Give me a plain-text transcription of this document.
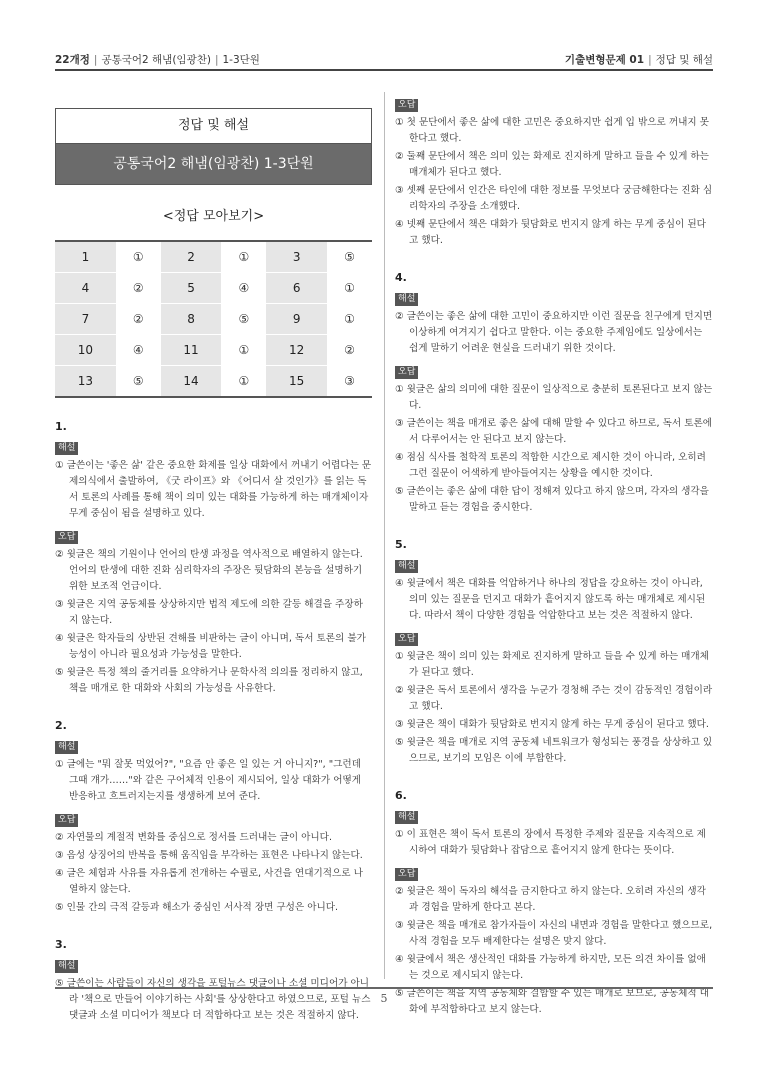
22개정 | 공통국어2 해냄(임광찬) | 1-3단원	기출변형문제 01 | 정답 및 해설
정답 및 해설
공통국어2 해냄(임광찬) 1-3단원
<정답 모아보기>
1	①	2	①	3	⑤
4	②	5	④	6	①
7	②	8	⑤	9	①
10	④	11	①	12	②
13	⑤	14	①	15	③
1.
해설
① 글쓴이는 '좋은 삶' 같은 중요한 화제를 일상 대화에서 꺼내기 어렵다는 문제의식에서 출발하여, 《굿 라이프》와 《어디서 살 것인가》를 읽는 독서 토론의 사례를 통해 책이 의미 있는 대화를 가능하게 하는 매개체이자 무게 중심이 됨을 설명하고 있다.
오답
② 윗글은 책의 기원이나 언어의 탄생 과정을 역사적으로 배열하지 않는다. 언어의 탄생에 대한 진화 심리학자의 주장은 뒷담화의 본능을 설명하기 위한 보조적 언급이다.
③ 윗글은 지역 공동체를 상상하지만 법적 제도에 의한 갈등 해결을 주장하지 않는다.
④ 윗글은 학자들의 상반된 견해를 비판하는 글이 아니며, 독서 토론의 불가능성이 아니라 필요성과 가능성을 말한다.
⑤ 윗글은 특정 책의 줄거리를 요약하거나 문학사적 의의를 정리하지 않고, 책을 매개로 한 대화와 사회의 가능성을 사유한다.
2.
해설
① 글에는 "뭐 잘못 먹었어?", "요즘 안 좋은 일 있는 거 아니지?", "그런데 그때 걔가……"와 같은 구어체적 인용이 제시되어, 일상 대화가 어떻게 반응하고 흐트러지는지를 생생하게 보여 준다.
오답
② 자연물의 계절적 변화를 중심으로 정서를 드러내는 글이 아니다.
③ 음성 상징어의 반복을 통해 움직임을 부각하는 표현은 나타나지 않는다.
④ 글은 체험과 사유를 자유롭게 전개하는 수필로, 사건을 연대기적으로 나열하지 않는다.
⑤ 인물 간의 극적 갈등과 해소가 중심인 서사적 장면 구성은 아니다.
3.
해설
⑤ 글쓴이는 사람들이 자신의 생각을 포털뉴스 댓글이나 소셜 미디어가 아니라 '책으로 만들어 이야기하는 사회'를 상상한다고 하였으므로, 포털 뉴스 댓글과 소셜 미디어가 책보다 더 적합하다고 보는 것은 적절하지 않다.
오답
① 첫 문단에서 좋은 삶에 대한 고민은 중요하지만 쉽게 입 밖으로 꺼내지 못한다고 했다.
② 둘째 문단에서 책은 의미 있는 화제로 진지하게 말하고 들을 수 있게 하는 매개체가 된다고 했다.
③ 셋째 문단에서 인간은 타인에 대한 정보를 무엇보다 궁금해한다는 진화 심리학자의 주장을 소개했다.
④ 넷째 문단에서 책은 대화가 뒷담화로 번지지 않게 하는 무게 중심이 된다고 했다.
4.
해설
② 글쓴이는 좋은 삶에 대한 고민이 중요하지만 이런 질문을 친구에게 던지면 이상하게 여겨지기 쉽다고 말한다. 이는 중요한 주제임에도 일상에서는 쉽게 말하기 어려운 현실을 드러내기 위한 것이다.
오답
① 윗글은 삶의 의미에 대한 질문이 일상적으로 충분히 토론된다고 보지 않는다.
③ 글쓴이는 책을 매개로 좋은 삶에 대해 말할 수 있다고 하므로, 독서 토론에서 다루어서는 안 된다고 보지 않는다.
④ 점심 식사를 철학적 토론의 적합한 시간으로 제시한 것이 아니라, 오히려 그런 질문이 어색하게 받아들여지는 상황을 예시한 것이다.
⑤ 글쓴이는 좋은 삶에 대한 답이 정해져 있다고 하지 않으며, 각자의 생각을 말하고 듣는 경험을 중시한다.
5.
해설
④ 윗글에서 책은 대화를 억압하거나 하나의 정답을 강요하는 것이 아니라, 의미 있는 질문을 던지고 대화가 흩어지지 않도록 하는 매개체로 제시된다. 따라서 책이 다양한 경험을 억압한다고 보는 것은 적절하지 않다.
오답
① 윗글은 책이 의미 있는 화제로 진지하게 말하고 들을 수 있게 하는 매개체가 된다고 했다.
② 윗글은 독서 토론에서 생각을 누군가 경청해 주는 것이 감동적인 경험이라고 했다.
③ 윗글은 책이 대화가 뒷담화로 번지지 않게 하는 무게 중심이 된다고 했다.
⑤ 윗글은 책을 매개로 지역 공동체 네트워크가 형성되는 풍경을 상상하고 있으므로, 보기의 모임은 이에 부합한다.
6.
해설
① 이 표현은 책이 독서 토론의 장에서 특정한 주제와 질문을 지속적으로 제시하여 대화가 뒷담화나 잡담으로 흩어지지 않게 한다는 뜻이다.
오답
② 윗글은 책이 독자의 해석을 금지한다고 하지 않는다. 오히려 자신의 생각과 경험을 말하게 한다고 본다.
③ 윗글은 책을 매개로 참가자들이 자신의 내면과 경험을 말한다고 했으므로, 사적 경험을 모두 배제한다는 설명은 맞지 않다.
④ 윗글에서 책은 생산적인 대화를 가능하게 하지만, 모든 의견 차이를 없애는 것으로 제시되지 않는다.
⑤ 글쓴이는 책을 지역 공동체와 결합할 수 있는 매개로 보므로, 공동체적 대화에 부적합하다고 보지 않는다.
5
